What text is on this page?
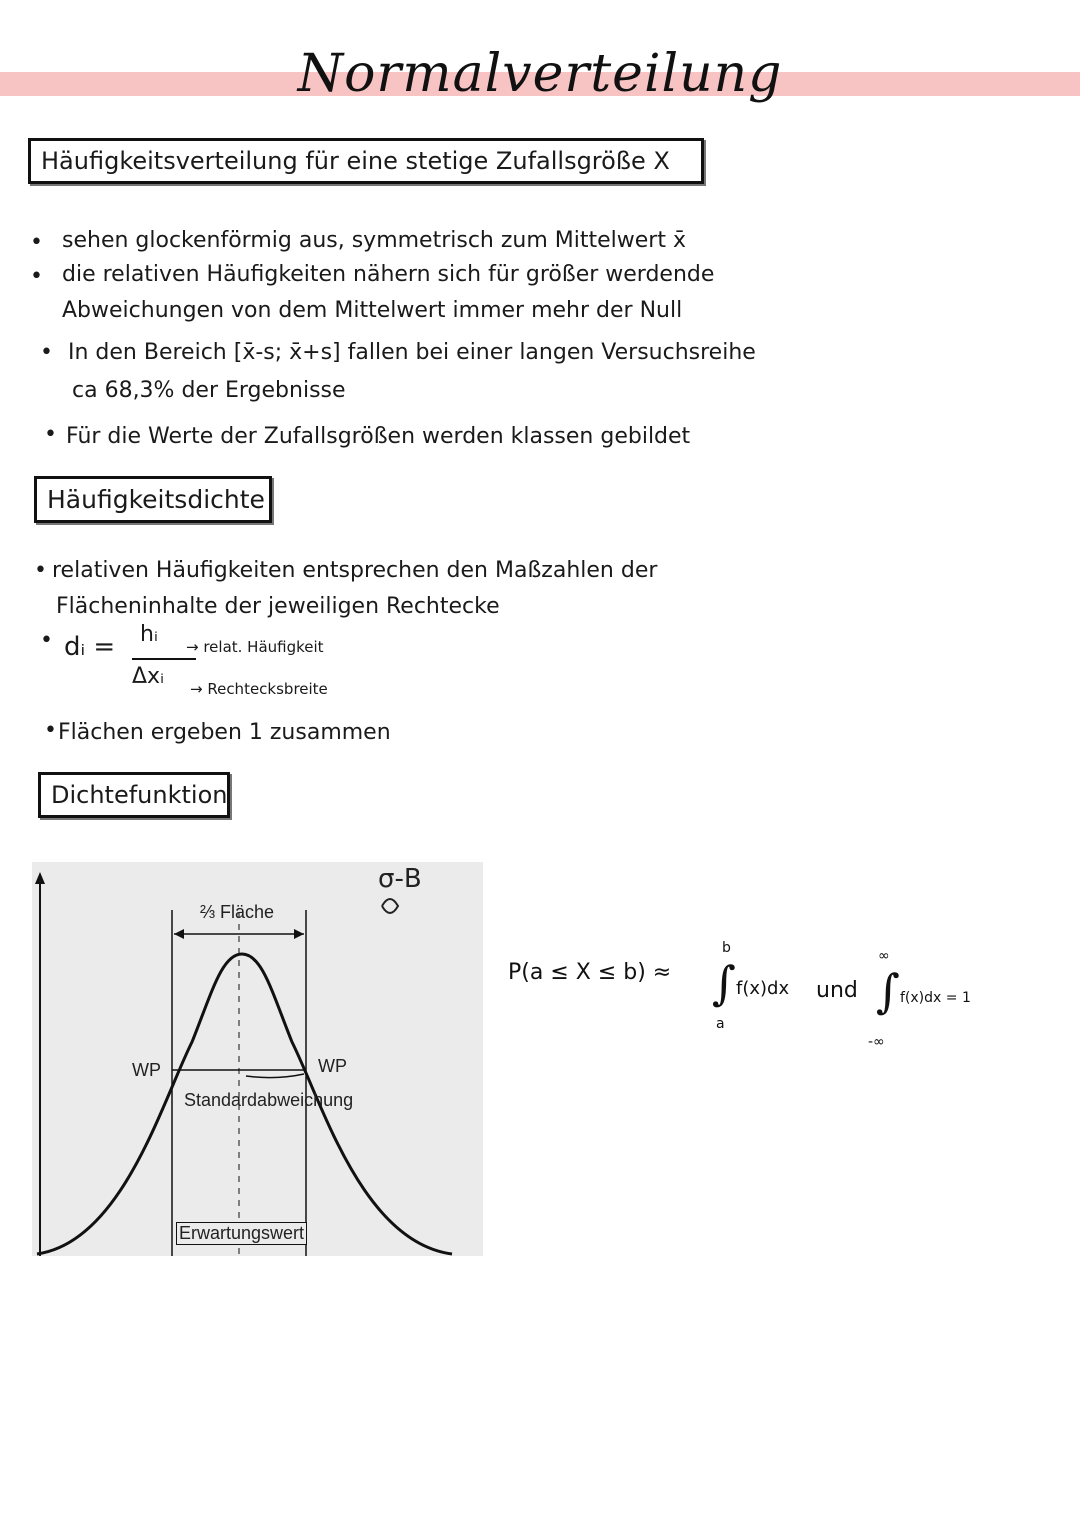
Normalverteilung
Häufigkeitsverteilung für eine stetige Zufallsgröße X
• sehen glockenförmig aus, symmetrisch zum Mittelwert x̄
• die relativen Häufigkeiten nähern sich für größer werdende
Abweichungen von dem Mittelwert immer mehr der Null
• In den Bereich [x̄-s; x̄+s] fallen bei einer langen Versuchsreihe
ca 68,3% der Ergebnisse
• Für die Werte der Zufallsgrößen werden klassen gebildet
Häufigkeitsdichte
• relativen Häufigkeiten entsprechen den Maßzahlen der
Flächeninhalte der jeweiligen Rechtecke
• dᵢ = hᵢ
Δxᵢ
→ relat. Häufigkeit
→ Rechtecksbreite
• Flächen ergeben 1 zusammen
Dichtefunktion
⅔ Fläche
WP	WP
Standardabweichung
Erwartungswert
σ-B
P(a ≤ X ≤ b) ≈ ∫
b
a
f(x)dx und ∫
∞
-∞
f(x)dx = 1
